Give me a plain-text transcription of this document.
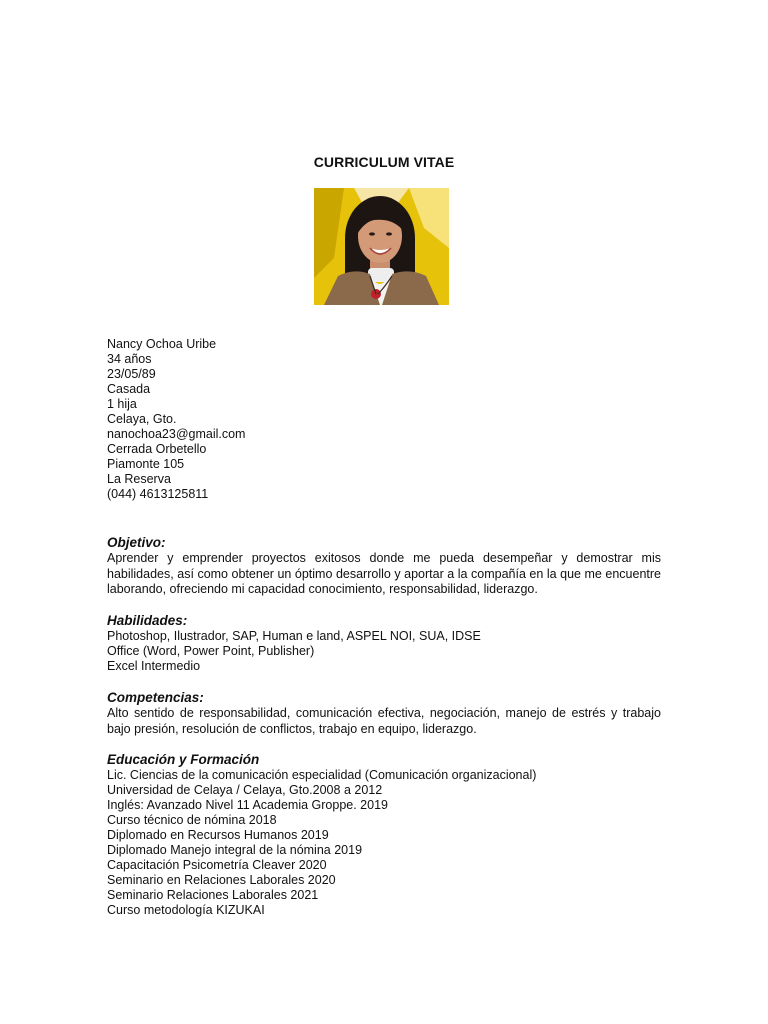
CURRICULUM VITAE
Nancy Ochoa Uribe
34 años
23/05/89
Casada
1 hija
Celaya, Gto.
nanochoa23@gmail.com
Cerrada Orbetello
Piamonte 105
La Reserva
(044) 4613125811
Objetivo:
Aprender y emprender proyectos exitosos donde me pueda desempeñar y demostrar mis habilidades, así como obtener un óptimo desarrollo y aportar a la compañía en la que me encuentre laborando, ofreciendo mi capacidad conocimiento, responsabilidad, liderazgo.
Habilidades:
Photoshop, Ilustrador, SAP, Human e land, ASPEL NOI, SUA, IDSE
Office (Word, Power Point, Publisher)
Excel Intermedio
Competencias:
Alto sentido de responsabilidad, comunicación efectiva, negociación, manejo de estrés y trabajo bajo presión, resolución de conflictos, trabajo en equipo, liderazgo.
Educación y Formación
Lic. Ciencias de la comunicación especialidad (Comunicación organizacional)
Universidad de Celaya / Celaya, Gto.2008 a 2012
Inglés: Avanzado Nivel 11 Academia Groppe. 2019
Curso técnico de nómina 2018
Diplomado en Recursos Humanos 2019
Diplomado Manejo integral de la nómina 2019
Capacitación Psicometría Cleaver 2020
Seminario en Relaciones Laborales 2020
Seminario Relaciones Laborales 2021
Curso metodología KIZUKAI
